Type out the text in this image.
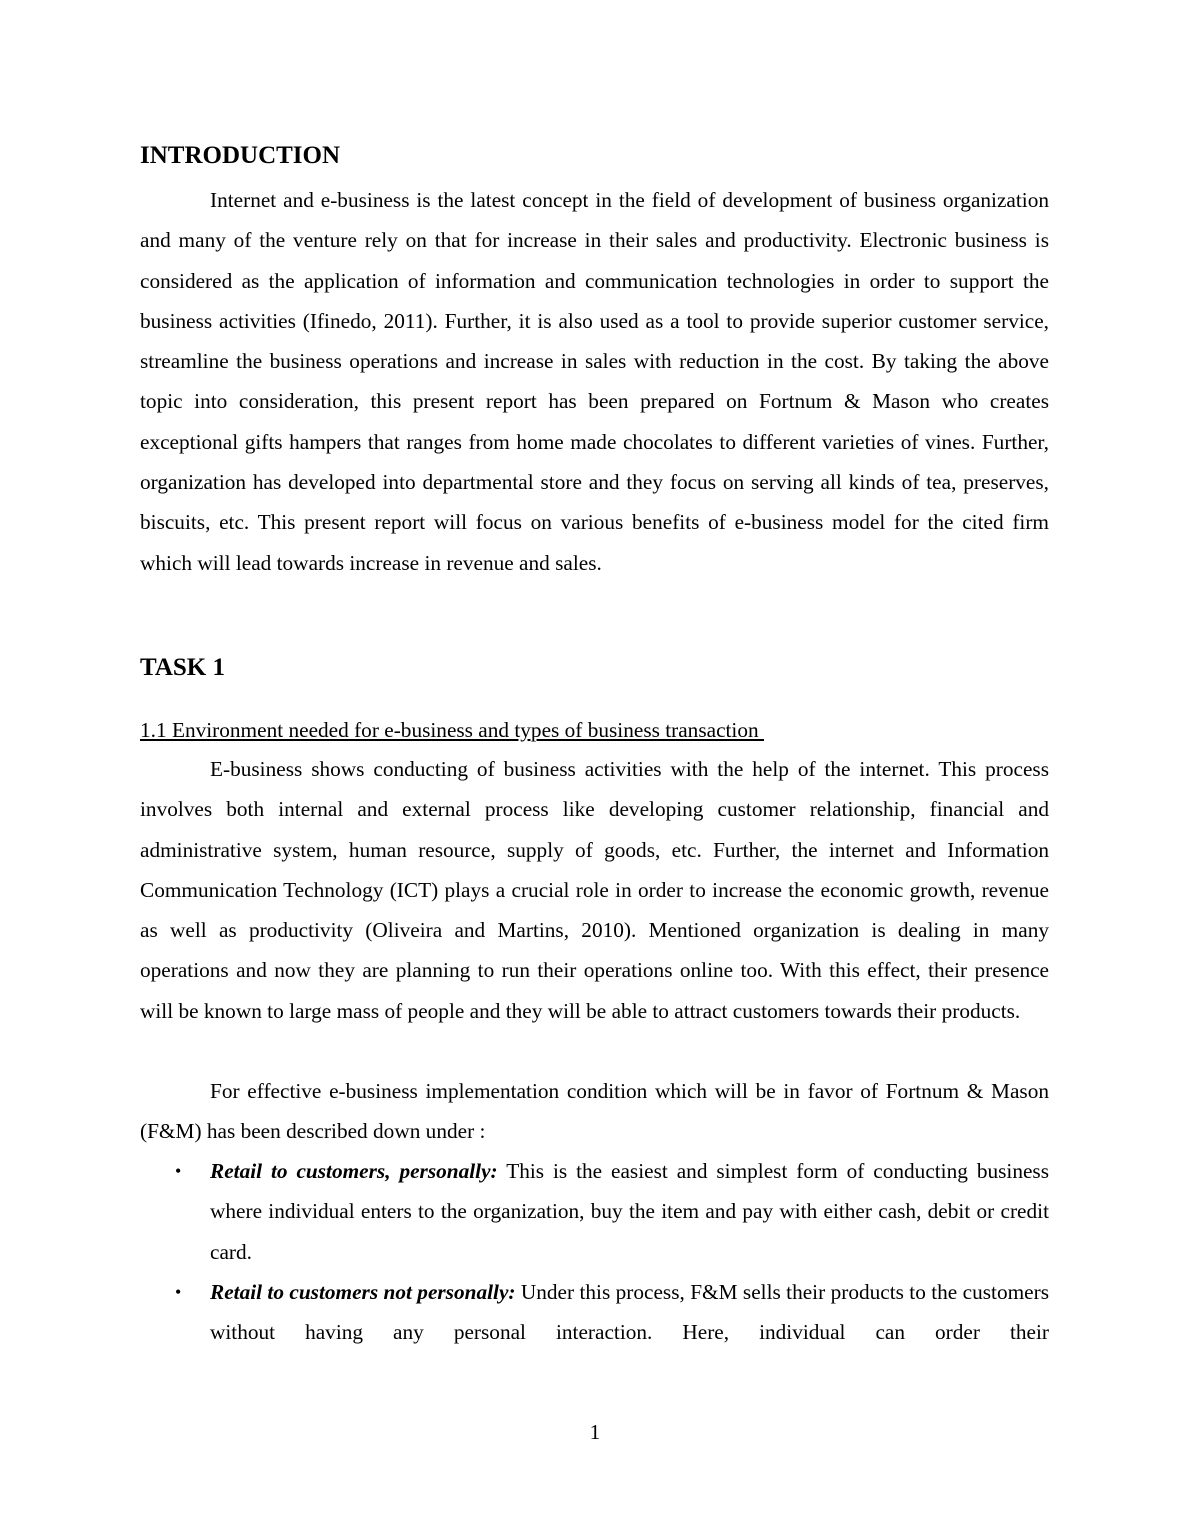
INTRODUCTION

Internet and e-business is the latest concept in the field of development of business organization and many of the venture rely on that for increase in their sales and productivity. Electronic business is considered as the application of information and communication technologies in order to support the business activities (Ifinedo, 2011). Further, it is also used as a tool to provide superior customer service, streamline the business operations and increase in sales with reduction in the cost. By taking the above topic into consideration, this present report has been prepared on Fortnum & Mason who creates exceptional gifts hampers that ranges from home made chocolates to different varieties of vines. Further, organization has developed into departmental store and they focus on serving all kinds of tea, preserves, biscuits, etc. This present report will focus on various benefits of e-business model for the cited firm which will lead towards increase in revenue and sales.

TASK 1

1.1 Environment needed for e-business and types of business transaction

E-business shows conducting of business activities with the help of the internet. This process involves both internal and external process like developing customer relationship, financial and administrative system, human resource, supply of goods, etc. Further, the internet and Information Communication Technology (ICT) plays a crucial role in order to increase the economic growth, revenue as well as productivity (Oliveira and Martins, 2010). Mentioned organization is dealing in many operations and now they are planning to run their operations online too. With this effect, their presence will be known to large mass of people and they will be able to attract customers towards their products.

For effective e-business implementation condition which will be in favor of Fortnum & Mason (F&M) has been described down under :

• Retail to customers, personally: This is the easiest and simplest form of conducting business where individual enters to the organization, buy the item and pay with either cash, debit or credit card.
• Retail to customers not personally: Under this process, F&M sells their products to the customers without having any personal interaction. Here, individual can order their
1
